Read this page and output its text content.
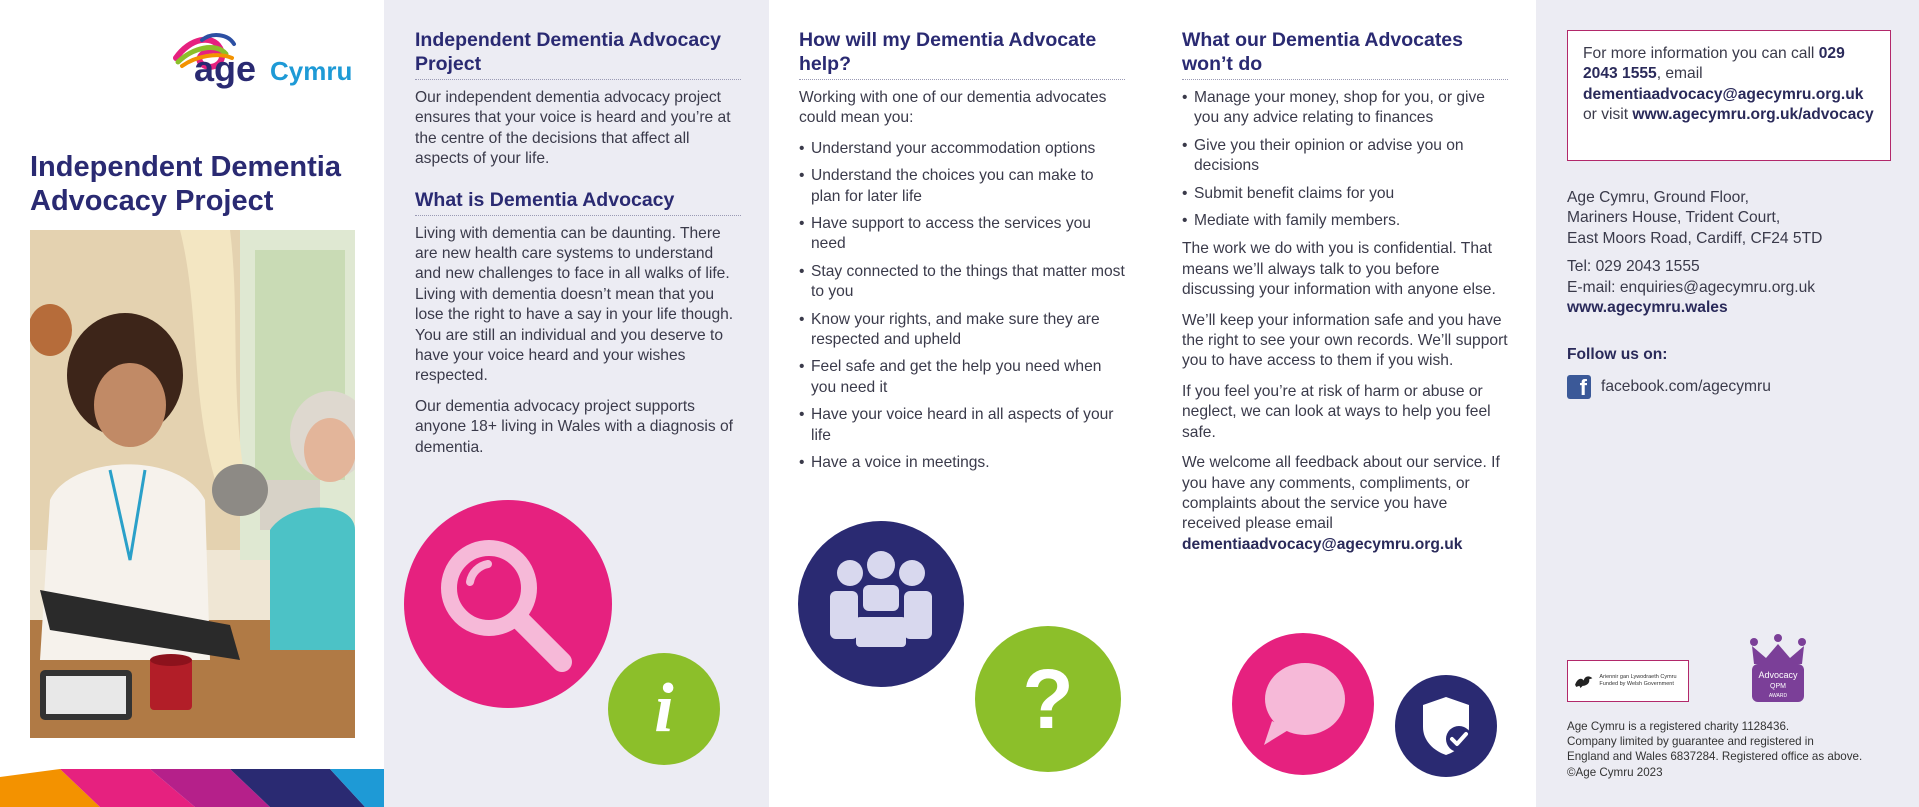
age Cymru
Independent Dementia
Advocacy Project
Independent Dementia Advocacy Project

Our independent dementia advocacy project ensures that your voice is heard and you’re at the centre of the decisions that affect all aspects of your life.

What is Dementia Advocacy

Living with dementia can be daunting. There are new health care systems to understand and new challenges to face in all walks of life. Living with dementia doesn’t mean that you lose the right to have a say in your life though. You are still an individual and you deserve to have your voice heard and your wishes respected.

Our dementia advocacy project supports anyone 18+ living in Wales with a diagnosis of dementia.

i
How will my Dementia Advocate help?

Working with one of our dementia advocates could mean you:

• Understand your accommodation options
• Understand the choices you can make to plan for later life
• Have support to access the services you need
• Stay connected to the things that matter most to you
• Know your rights, and make sure they are respected and upheld
• Feel safe and get the help you need when you need it
• Have your voice heard in all aspects of your life
• Have a voice in meetings.
?
What our Dementia Advocates won’t do
• Manage your money, shop for you, or give you any advice relating to finances
• Give you their opinion or advise you on decisions
• Submit benefit claims for you
• Mediate with family members.

The work we do with you is confidential. That means we’ll always talk to you before discussing your information with anyone else.

We’ll keep your information safe and you have the right to see your own records. We’ll support you to have access to them if you wish.

If you feel you’re at risk of harm or abuse or neglect, we can look at ways to help you feel safe.

We welcome all feedback about our service. If you have any comments, compliments, or complaints about the service you have received please email

dementiaadvocacy@agecymru.org.uk

For more information you can call 029 2043 1555, email
dementiaadvocacy@agecymru.org.uk
or visit www.agecymru.org.uk/advocacy
Age Cymru, Ground Floor,
Mariners House, Trident Court,
East Moors Road, Cardiff, CF24 5TD
Tel: 029 2043 1555
E-mail: enquiries@agecymru.org.uk
www.agecymru.wales
Follow us on:
f facebook.com/agecymru
Ariennir gan Lywodraeth Cymru Funded by Welsh Government
Advocacy
QPM
AWARD
Age Cymru is a registered charity 1128436.
Company limited by guarantee and registered in
England and Wales 6837284. Registered office as above.
©Age Cymru 2023
